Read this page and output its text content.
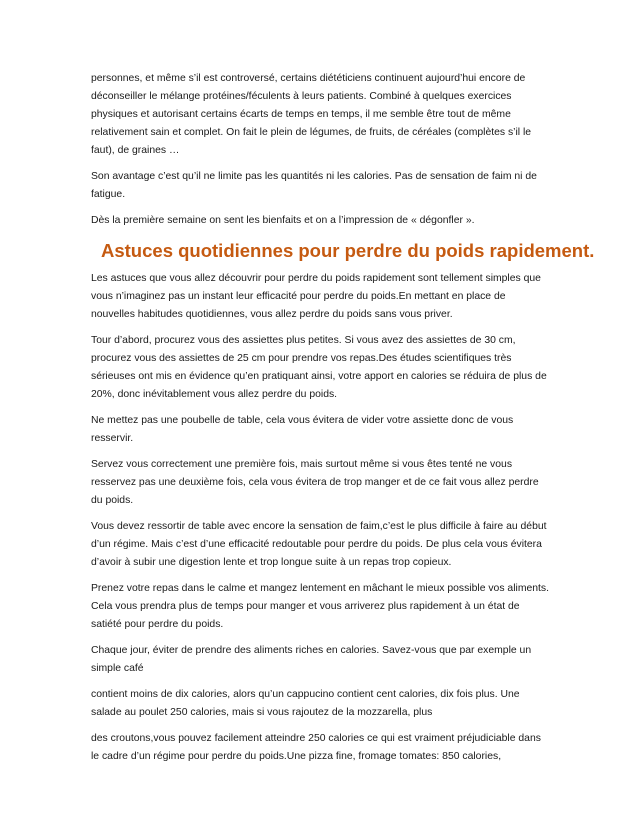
personnes, et même s’il est controversé, certains diététiciens continuent aujourd’hui encore de déconseiller le mélange protéines/féculents à leurs patients. Combiné à quelques exercices physiques et autorisant certains écarts de temps en temps, il me semble être tout de même relativement sain et complet. On fait le plein de légumes, de fruits, de céréales (complètes s’il le faut), de graines …

Son avantage c’est qu’il ne limite pas les quantités ni les calories. Pas de sensation de faim ni de fatigue.

Dès la première semaine on sent les bienfaits et on a l’impression de « dégonfler ».

Astuces quotidiennes pour perdre du poids rapidement.

Les astuces que vous allez découvrir pour perdre du poids rapidement sont tellement simples que vous n’imaginez pas un instant leur efficacité pour perdre du poids.En mettant en place de nouvelles habitudes quotidiennes, vous allez perdre du poids sans vous priver.

Tour d’abord, procurez vous des assiettes plus petites. Si vous avez des assiettes de 30 cm, procurez vous des assiettes de 25 cm pour prendre vos repas.Des études scientifiques très sérieuses ont mis en évidence qu’en pratiquant ainsi, votre apport en calories se réduira de plus de 20%, donc inévitablement vous allez perdre du poids.

Ne mettez pas une poubelle de table, cela vous évitera de vider votre assiette donc de vous resservir.

Servez vous correctement une première fois, mais surtout même si vous êtes tenté ne vous resservez pas une deuxième fois, cela vous évitera de trop manger et de ce fait vous allez perdre du poids.

Vous devez ressortir de table avec encore la sensation de faim,c’est le plus difficile à faire au début d’un régime. Mais c’est d’une efficacité redoutable pour perdre du poids. De plus cela vous évitera d’avoir à subir une digestion lente et trop longue suite à un repas trop copieux.

Prenez votre repas dans le calme et mangez lentement en mâchant le mieux possible vos aliments. Cela vous prendra plus de temps pour manger et vous arriverez plus rapidement à un état de satiété pour perdre du poids.

Chaque jour, éviter de prendre des aliments riches en calories. Savez-vous que par exemple un simple café

contient moins de dix calories, alors qu’un cappucino contient cent calories, dix fois plus. Une salade au poulet 250 calories, mais si vous rajoutez de la mozzarella, plus

des croutons,vous pouvez facilement atteindre 250 calories ce qui est vraiment préjudiciable dans le cadre d’un régime pour perdre du poids.Une pizza fine, fromage tomates: 850 calories,
